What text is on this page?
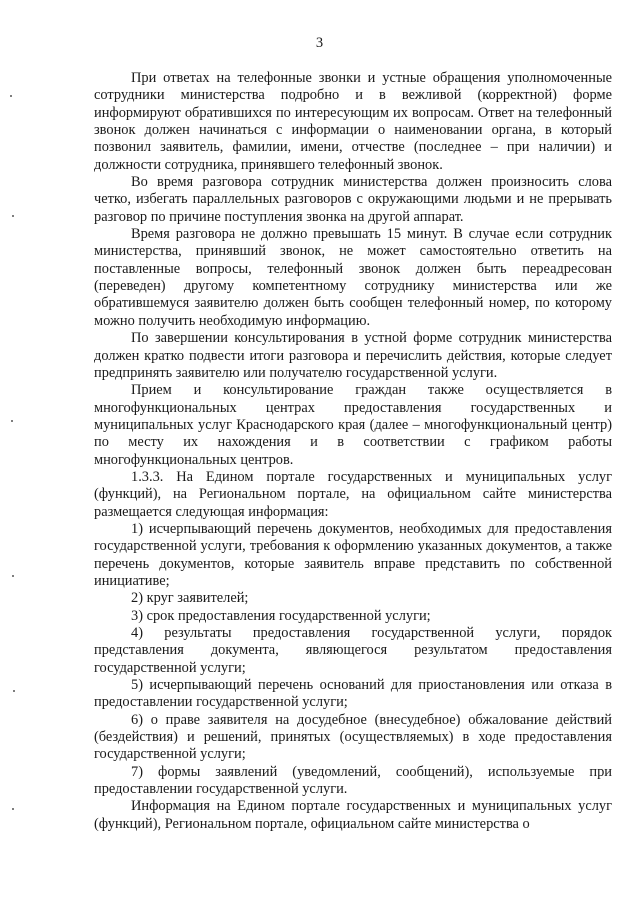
3

При ответах на телефонные звонки и устные обращения уполномоченные сотрудники министерства подробно и в вежливой (корректной) форме информируют обратившихся по интересующим их вопросам. Ответ на телефонный звонок должен начинаться с информации о наименовании органа, в который позвонил заявитель, фамилии, имени, отчестве (последнее – при наличии) и должности сотрудника, принявшего телефонный звонок.

Во время разговора сотрудник министерства должен произносить слова четко, избегать параллельных разговоров с окружающими людьми и не прерывать разговор по причине поступления звонка на другой аппарат.

Время разговора не должно превышать 15 минут. В случае если сотрудник министерства, принявший звонок, не может самостоятельно ответить на поставленные вопросы, телефонный звонок должен быть переадресован (переведен) другому компетентному сотруднику министерства или же обратившемуся заявителю должен быть сообщен телефонный номер, по которому можно получить необходимую информацию.

По завершении консультирования в устной форме сотрудник министерства должен кратко подвести итоги разговора и перечислить действия, которые следует предпринять заявителю или получателю государственной услуги.

Прием и консультирование граждан также осуществляется в многофункциональных центрах предоставления государственных и муниципальных услуг Краснодарского края (далее – многофункциональный центр) по месту их нахождения и в соответствии с графиком работы многофункциональных центров.

1.3.3. На Едином портале государственных и муниципальных услуг (функций), на Региональном портале, на официальном сайте министерства размещается следующая информация:

1) исчерпывающий перечень документов, необходимых для предоставления государственной услуги, требования к оформлению указанных документов, а также перечень документов, которые заявитель вправе представить по собственной инициативе;

2) круг заявителей;

3) срок предоставления государственной услуги;

4) результаты предоставления государственной услуги, порядок представления документа, являющегося результатом предоставления государственной услуги;

5) исчерпывающий перечень оснований для приостановления или отказа в предоставлении государственной услуги;

6) о праве заявителя на досудебное (внесудебное) обжалование действий (бездействия) и решений, принятых (осуществляемых) в ходе предоставления государственной услуги;

7) формы заявлений (уведомлений, сообщений), используемые при предоставлении государственной услуги.

Информация на Едином портале государственных и муниципальных услуг (функций), Региональном портале, официальном сайте министерства о
